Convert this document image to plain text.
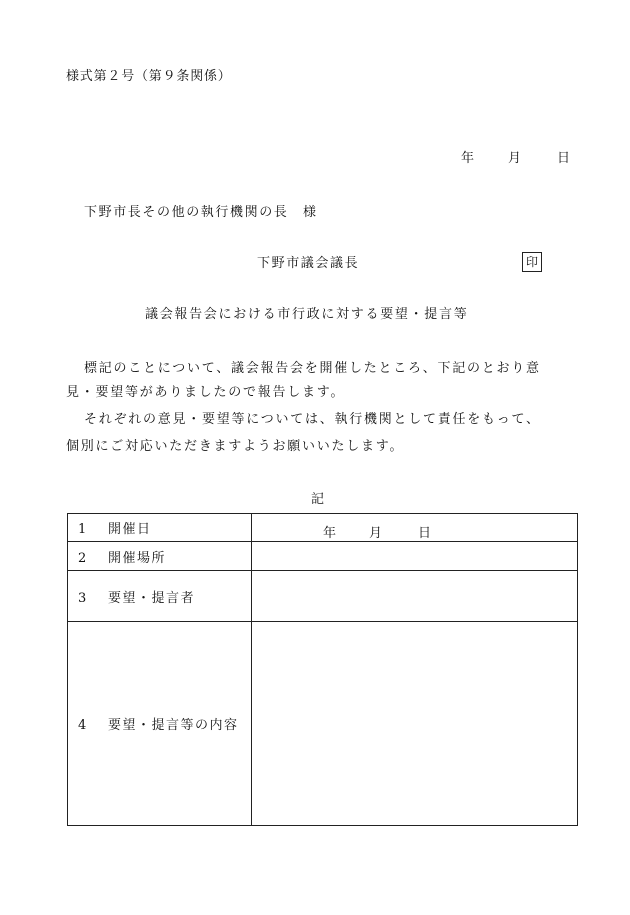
様式第２号（第９条関係）
年	月	日
下野市長その他の執行機関の長　様
下野市議会議長	印
議会報告会における市行政に対する要望・提言等
標記のことについて、議会報告会を開催したところ、下記のとおり意
見・要望等がありましたので報告します。
それぞれの意見・要望等については、執行機関として責任をもって、
個別にご対応いただきますようお願いいたします。
記
1 開催日	年 月 日

2 開催場所	
3 要望・提言者	
4 要望・提言等の内容	
